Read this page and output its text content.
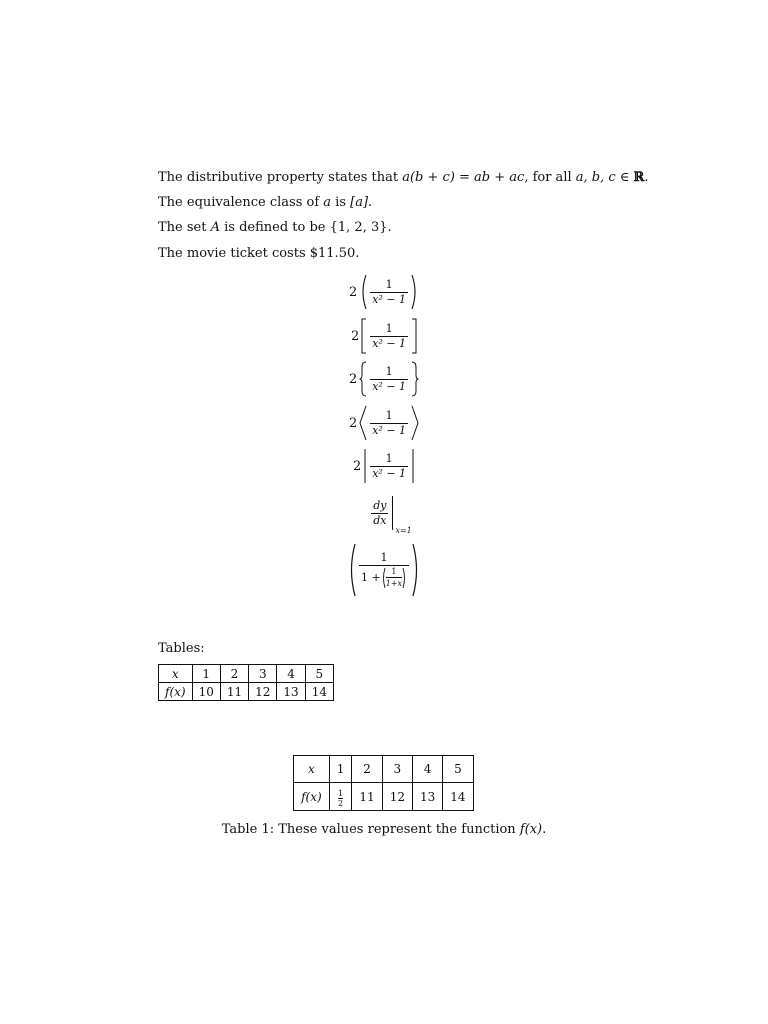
The distributive property states that a(b + c) = ab + ac, for all a, b, c ∈ ℝ.
The equivalence class of a is [a].
The set A is defined to be {1, 2, 3}.
The movie ticket costs $11.50.
$2 \frac{1}{\text{x² − 1}}$
$2 \frac{1}{\text{x² − 1}}$
$2 \frac{1}{\text{x² − 1}}$
$2 \frac{1}{\text{x² − 1}}$
$2 \frac{1}{\text{x² − 1}}$
$\frac{dy}{dx}$
x=1
1
$1 + \frac{1}{1+x}$
Tables:
x	1	2	3	4	5
f(x)	10	11	12	13	14
x	1	2	3	4	5
f(x)	$\frac{1}{2}$	11	12	13	14
Table 1: These values represent the function f(x).
